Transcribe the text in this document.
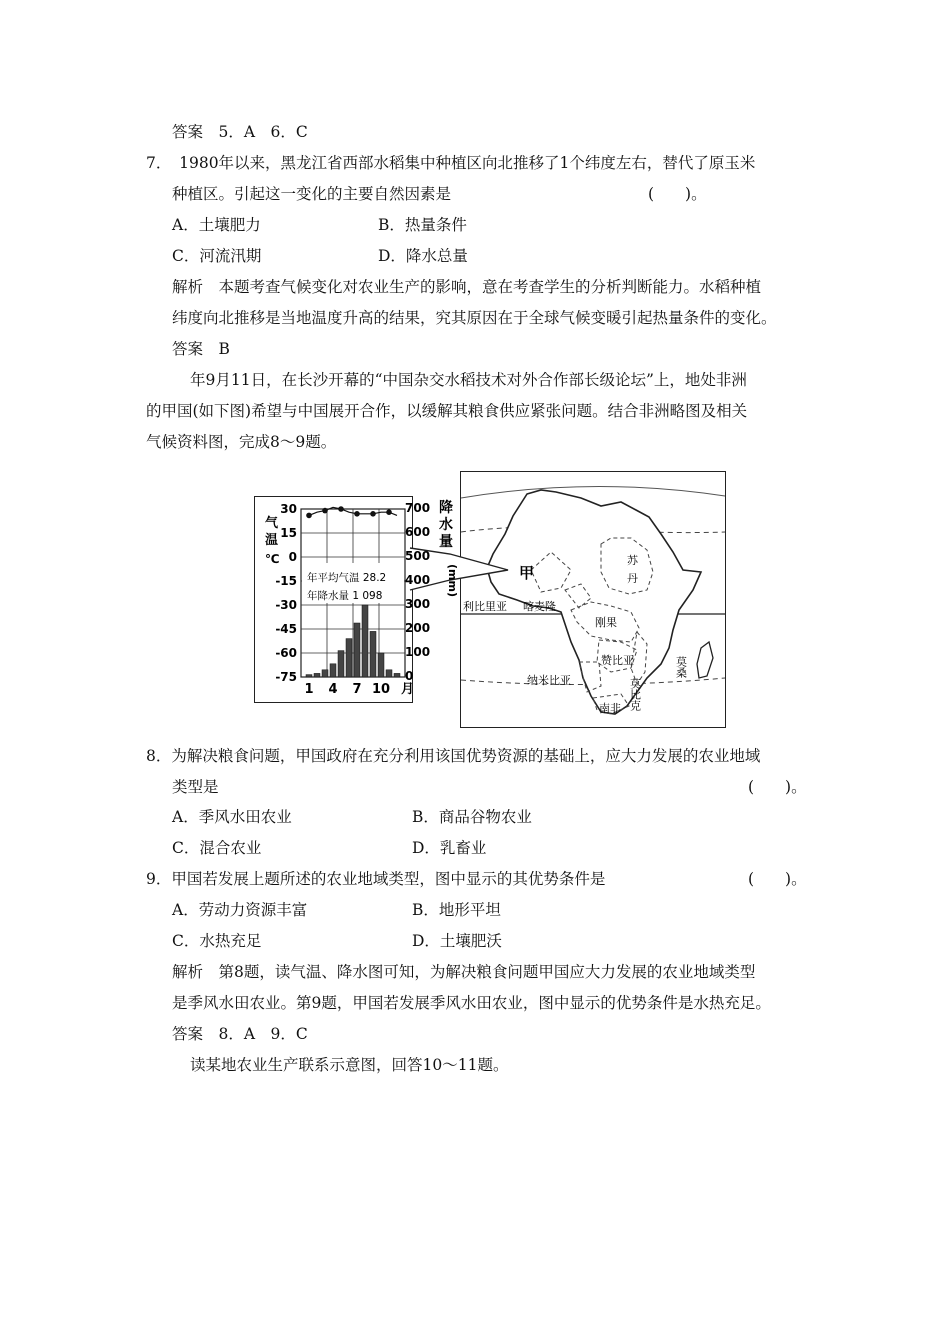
答案　5．A　6．C
7．　1980年以来，黑龙江省西部水稻集中种植区向北推移了1个纬度左右，替代了原玉米
种植区。引起这一变化的主要自然因素是	(　　)。
A．土壤肥力	B．热量条件
C．河流汛期	D．降水总量
解析　本题考查气候变化对农业生产的影响，意在考查学生的分析判断能力。水稻种植
纬度向北推移是当地温度升高的结果，究其原因在于全球气候变暖引起热量条件的变化。
答案　B
年9月11日，在长沙开幕的“中国杂交水稻技术对外合作部长级论坛”上，地处非洲
的甲国(如下图)希望与中国展开合作，以缓解其粮食供应紧张问题。结合非洲略图及相关
气候资料图，完成8～9题。
气
温
℃
30
15
0
-15
-30
-45
-60
-75
年平均气温 28.2
年降水量 1 098
1 4 7 10 月
甲
苏
丹
利比里亚 喀麦隆
刚果
赞比亚	莫桑
莫比克
纳米比亚
南非
8．为解决粮食问题，甲国政府在充分利用该国优势资源的基础上，应大力发展的农业地域
类型是	(　　)。
A．季风水田农业	B．商品谷物农业
C．混合农业	D．乳畜业
9．甲国若发展上题所述的农业地域类型，图中显示的其优势条件是	(　　)。
A．劳动力资源丰富	B．地形平坦
C．水热充足	D．土壤肥沃
解析　第8题，读气温、降水图可知，为解决粮食问题甲国应大力发展的农业地域类型
是季风水田农业。第9题，甲国若发展季风水田农业，图中显示的优势条件是水热充足。
答案　8．A　9．C
读某地农业生产联系示意图，回答10～11题。
700
600
500
400
300
200
100
0
降
水
量
(mm)
